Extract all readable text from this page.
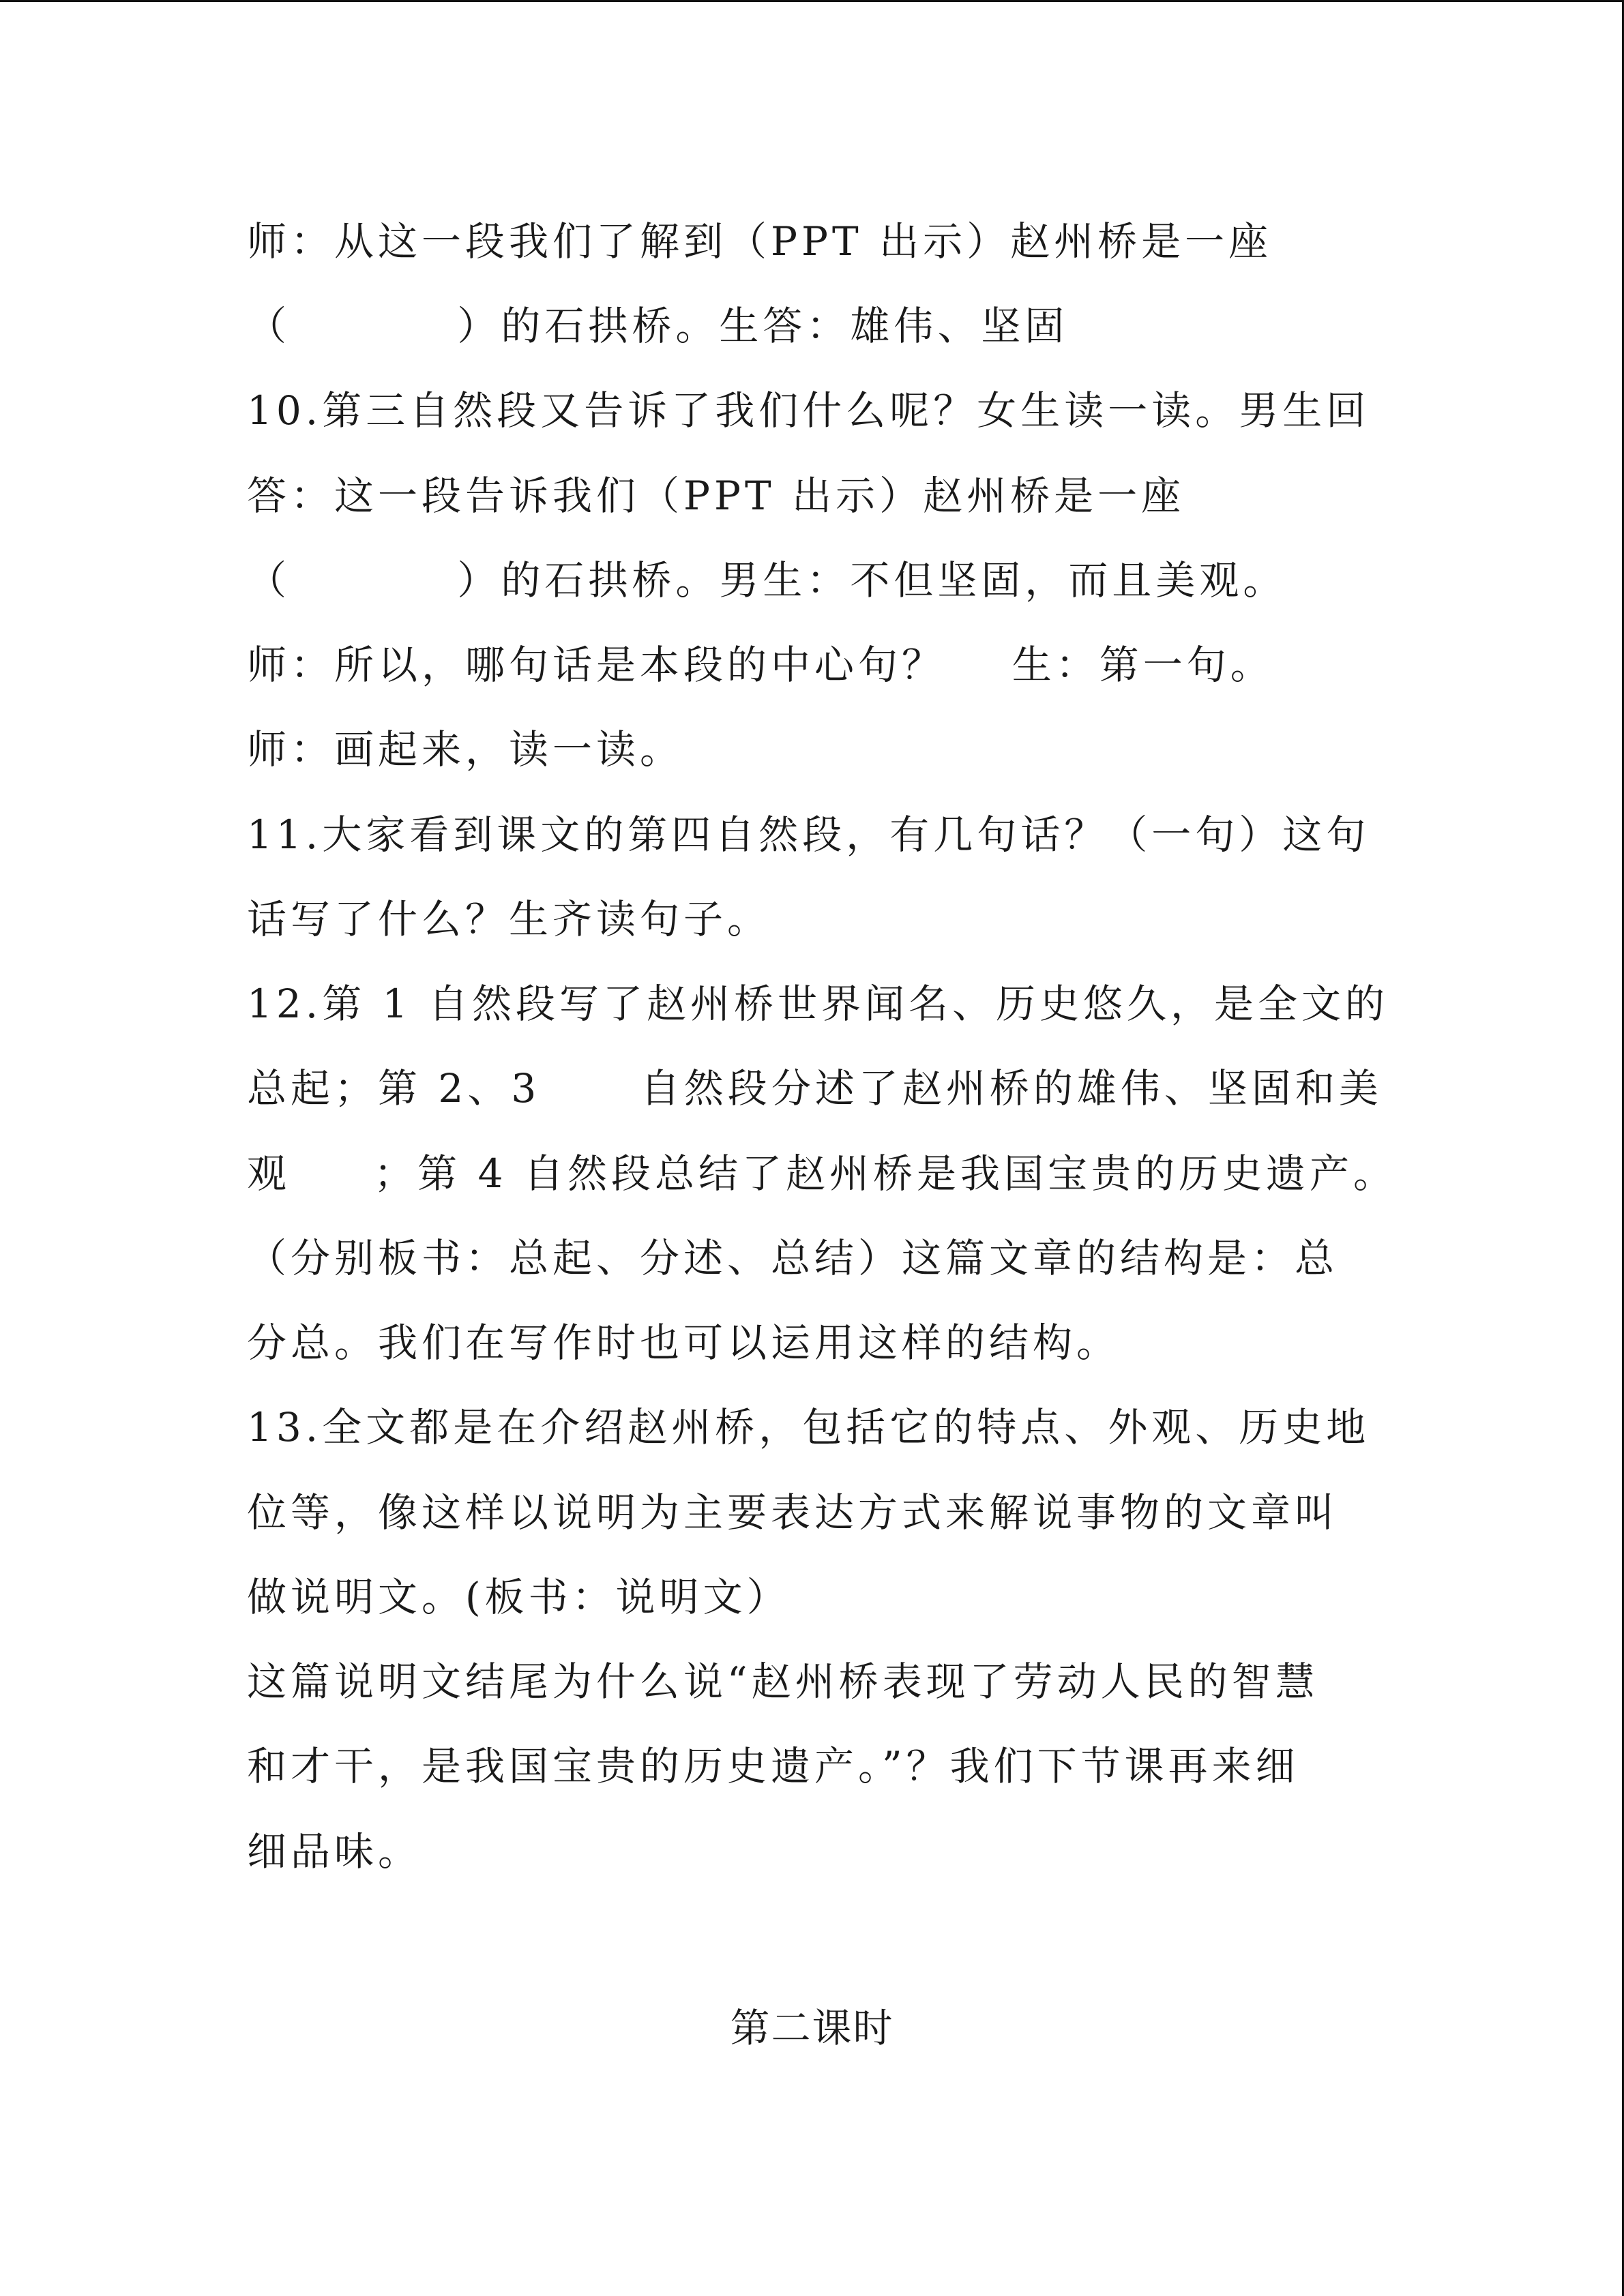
师：从这一段我们了解到（PPT 出示）赵州桥是一座
（          ）的石拱桥。生答：雄伟、坚固
10.第三自然段又告诉了我们什么呢？女生读一读。男生回
答：这一段告诉我们（PPT 出示）赵州桥是一座
（          ）的石拱桥。男生：不但坚固，而且美观。
师：所以，哪句话是本段的中心句？    生：第一句。
师：画起来，读一读。
11.大家看到课文的第四自然段，有几句话？（一句）这句
话写了什么？生齐读句子。
12.第 1 自然段写了赵州桥世界闻名、历史悠久，是全文的
总起；第 2、3      自然段分述了赵州桥的雄伟、坚固和美
观     ；第 4 自然段总结了赵州桥是我国宝贵的历史遗产。
（分别板书：总起、分述、总结）这篇文章的结构是：总
分总。我们在写作时也可以运用这样的结构。
13.全文都是在介绍赵州桥，包括它的特点、外观、历史地
位等，像这样以说明为主要表达方式来解说事物的文章叫
做说明文。(板书：说明文）
这篇说明文结尾为什么说“赵州桥表现了劳动人民的智慧
和才干，是我国宝贵的历史遗产。”？我们下节课再来细
细品味。
第二课时
